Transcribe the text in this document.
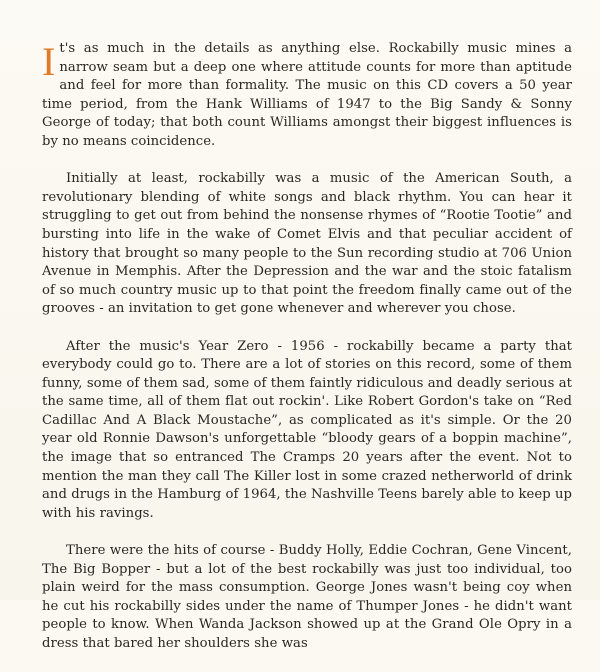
It's as much in the details as anything else. Rockabilly music mines a narrow seam but a deep one where attitude counts for more than aptitude and feel for more than formality. The music on this CD covers a 50 year time period, from the Hank Williams of 1947 to the Big Sandy & Sonny George of today; that both count Williams amongst their biggest influences is by no means coincidence.

Initially at least, rockabilly was a music of the American South, a revolutionary blending of white songs and black rhythm. You can hear it struggling to get out from behind the nonsense rhymes of “Rootie Tootie” and bursting into life in the wake of Comet Elvis and that peculiar accident of history that brought so many people to the Sun recording studio at 706 Union Avenue in Memphis. After the Depression and the war and the stoic fatalism of so much country music up to that point the freedom finally came out of the grooves - an invitation to get gone whenever and wherever you chose.

After the music's Year Zero - 1956 - rockabilly became a party that everybody could go to. There are a lot of stories on this record, some of them funny, some of them sad, some of them faintly ridiculous and deadly serious at the same time, all of them flat out rockin'. Like Robert Gordon's take on “Red Cadillac And A Black Moustache”, as complicated as it's simple. Or the 20 year old Ronnie Dawson's unforgettable “bloody gears of a boppin machine”, the image that so entranced The Cramps 20 years after the event. Not to mention the man they call The Killer lost in some crazed netherworld of drink and drugs in the Hamburg of 1964, the Nashville Teens barely able to keep up with his ravings.

There were the hits of course - Buddy Holly, Eddie Cochran, Gene Vincent, The Big Bopper - but a lot of the best rockabilly was just too individual, too plain weird for the mass consumption. George Jones wasn't being coy when he cut his rockabilly sides under the name of Thumper Jones - he didn't want people to know. When Wanda Jackson showed up at the Grand Ole Opry in a dress that bared her shoulders she was
